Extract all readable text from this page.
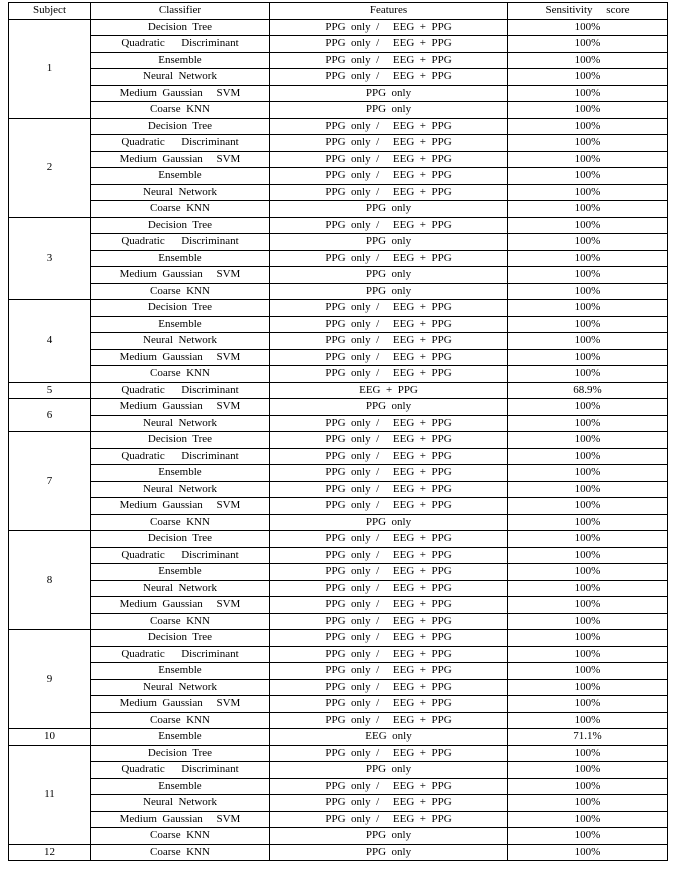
Subject	Classifier	Features	Sensitivity     score
1	Decision  Tree	PPG  only  /     EEG  +  PPG	100%
	Quadratic      Discriminant	PPG  only  /     EEG  +  PPG	100%
	Ensemble	PPG  only  /     EEG  +  PPG	100%
	Neural  Network	PPG  only  /     EEG  +  PPG	100%
	Medium  Gaussian     SVM	PPG  only	100%
	Coarse  KNN	PPG  only	100%
2	Decision  Tree	PPG  only  /     EEG  +  PPG	100%
	Quadratic      Discriminant	PPG  only  /     EEG  +  PPG	100%
	Medium  Gaussian     SVM	PPG  only  /     EEG  +  PPG	100%
	Ensemble	PPG  only  /     EEG  +  PPG	100%
	Neural  Network	PPG  only  /     EEG  +  PPG	100%
	Coarse  KNN	PPG  only	100%
3	Decision  Tree	PPG  only  /     EEG  +  PPG	100%
	Quadratic      Discriminant	PPG  only	100%
	Ensemble	PPG  only  /     EEG  +  PPG	100%
	Medium  Gaussian     SVM	PPG  only	100%
	Coarse  KNN	PPG  only	100%
4	Decision  Tree	PPG  only  /     EEG  +  PPG	100%
	Ensemble	PPG  only  /     EEG  +  PPG	100%
	Neural  Network	PPG  only  /     EEG  +  PPG	100%
	Medium  Gaussian     SVM	PPG  only  /     EEG  +  PPG	100%
	Coarse  KNN	PPG  only  /     EEG  +  PPG	100%
5	Quadratic      Discriminant	EEG  +  PPG	68.9%
6	Medium  Gaussian     SVM	PPG  only	100%
	Neural  Network	PPG  only  /     EEG  +  PPG	100%
7	Decision  Tree	PPG  only  /     EEG  +  PPG	100%
	Quadratic      Discriminant	PPG  only  /     EEG  +  PPG	100%
	Ensemble	PPG  only  /     EEG  +  PPG	100%
	Neural  Network	PPG  only  /     EEG  +  PPG	100%
	Medium  Gaussian     SVM	PPG  only  /     EEG  +  PPG	100%
	Coarse  KNN	PPG  only	100%
8	Decision  Tree	PPG  only  /     EEG  +  PPG	100%
	Quadratic      Discriminant	PPG  only  /     EEG  +  PPG	100%
	Ensemble	PPG  only  /     EEG  +  PPG	100%
	Neural  Network	PPG  only  /     EEG  +  PPG	100%
	Medium  Gaussian     SVM	PPG  only  /     EEG  +  PPG	100%
	Coarse  KNN	PPG  only  /     EEG  +  PPG	100%
9	Decision  Tree	PPG  only  /     EEG  +  PPG	100%
	Quadratic      Discriminant	PPG  only  /     EEG  +  PPG	100%
	Ensemble	PPG  only  /     EEG  +  PPG	100%
	Neural  Network	PPG  only  /     EEG  +  PPG	100%
	Medium  Gaussian     SVM	PPG  only  /     EEG  +  PPG	100%
	Coarse  KNN	PPG  only  /     EEG  +  PPG	100%
10	Ensemble	EEG  only	71.1%
11	Decision  Tree	PPG  only  /     EEG  +  PPG	100%
	Quadratic      Discriminant	PPG  only	100%
	Ensemble	PPG  only  /     EEG  +  PPG	100%
	Neural  Network	PPG  only  /     EEG  +  PPG	100%
	Medium  Gaussian     SVM	PPG  only  /     EEG  +  PPG	100%
	Coarse  KNN	PPG  only	100%
12	Coarse  KNN	PPG  only	100%
